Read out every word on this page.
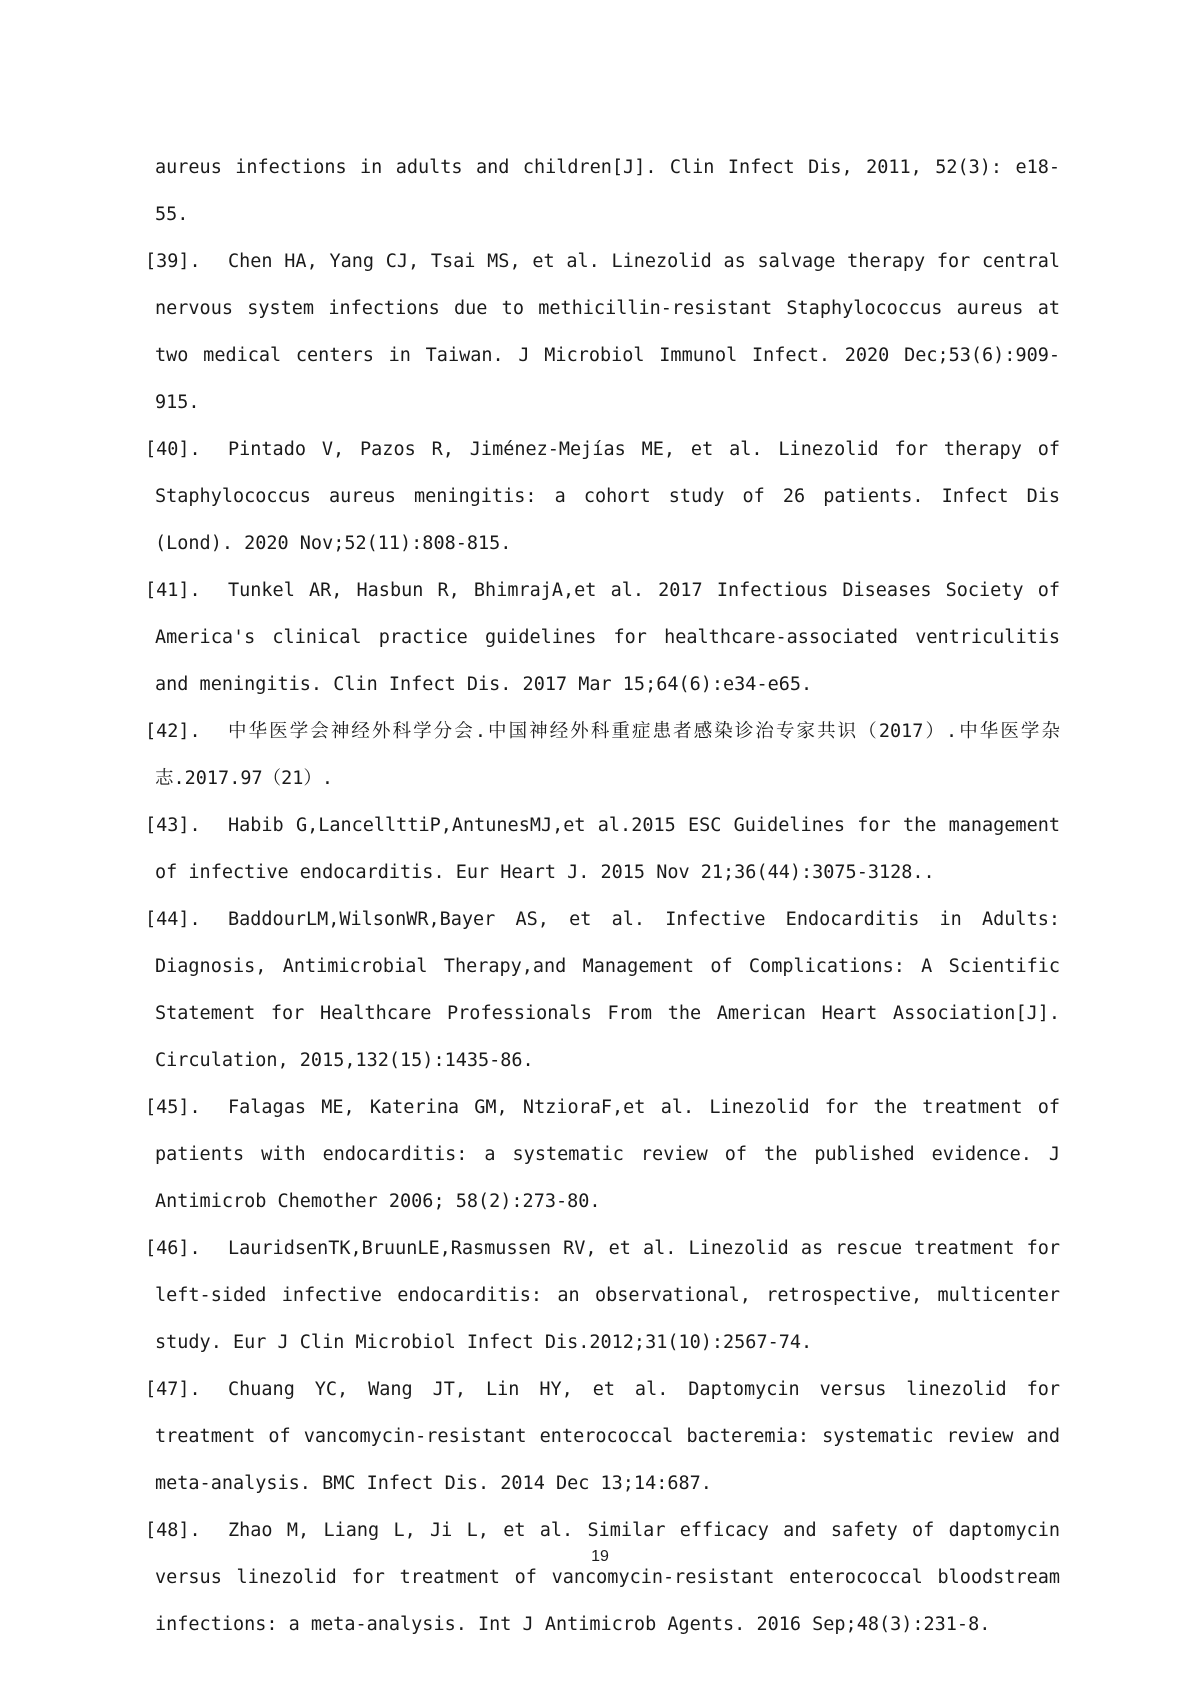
aureus infections in adults and children[J]. Clin Infect Dis, 2011, 52(3): e18-55.
[39].	Chen HA, Yang CJ, Tsai MS, et al. Linezolid as salvage therapy for central nervous system infections due to methicillin-resistant Staphylococcus aureus at two medical centers in Taiwan. J Microbiol Immunol Infect. 2020 Dec;53(6):909-915.
[40].	Pintado V, Pazos R, Jiménez-Mejías ME, et al. Linezolid for therapy of Staphylococcus aureus meningitis: a cohort study of 26 patients. Infect Dis (Lond). 2020 Nov;52(11):808-815.
[41].	Tunkel AR, Hasbun R, BhimrajA,et al. 2017 Infectious Diseases Society of America's clinical practice guidelines for healthcare-associated ventriculitis and meningitis. Clin Infect Dis. 2017 Mar 15;64(6):e34-e65.
[42].	中华医学会神经外科学分会.中国神经外科重症患者感染诊治专家共识（2017）.中华医学杂志.2017.97（21）.
[43].	Habib G,LancellttiP,AntunesMJ,et al.2015 ESC Guidelines for the management of infective endocarditis. Eur Heart J. 2015 Nov 21;36(44):3075-3128..
[44].	BaddourLM,WilsonWR,Bayer AS, et al. Infective Endocarditis in Adults: Diagnosis, Antimicrobial Therapy,and Management of Complications: A Scientific Statement for Healthcare Professionals From the American Heart Association[J]. Circulation, 2015,132(15):1435-86.
[45].	Falagas ME, Katerina GM, NtzioraF,et al. Linezolid for the treatment of patients with endocarditis: a systematic review of the published evidence. J Antimicrob Chemother 2006; 58(2):273-80.
[46].	LauridsenTK,BruunLE,Rasmussen RV, et al. Linezolid as rescue treatment for left-sided infective endocarditis: an observational, retrospective, multicenter study. Eur J Clin Microbiol Infect Dis.2012;31(10):2567-74.
[47].	Chuang YC, Wang JT, Lin HY, et al. Daptomycin versus linezolid for treatment of vancomycin-resistant enterococcal bacteremia: systematic review and meta-analysis. BMC Infect Dis. 2014 Dec 13;14:687.
[48].	Zhao M, Liang L, Ji L, et al. Similar efficacy and safety of daptomycin versus linezolid for treatment of vancomycin-resistant enterococcal bloodstream infections: a meta-analysis. Int J Antimicrob Agents. 2016 Sep;48(3):231-8.
19
